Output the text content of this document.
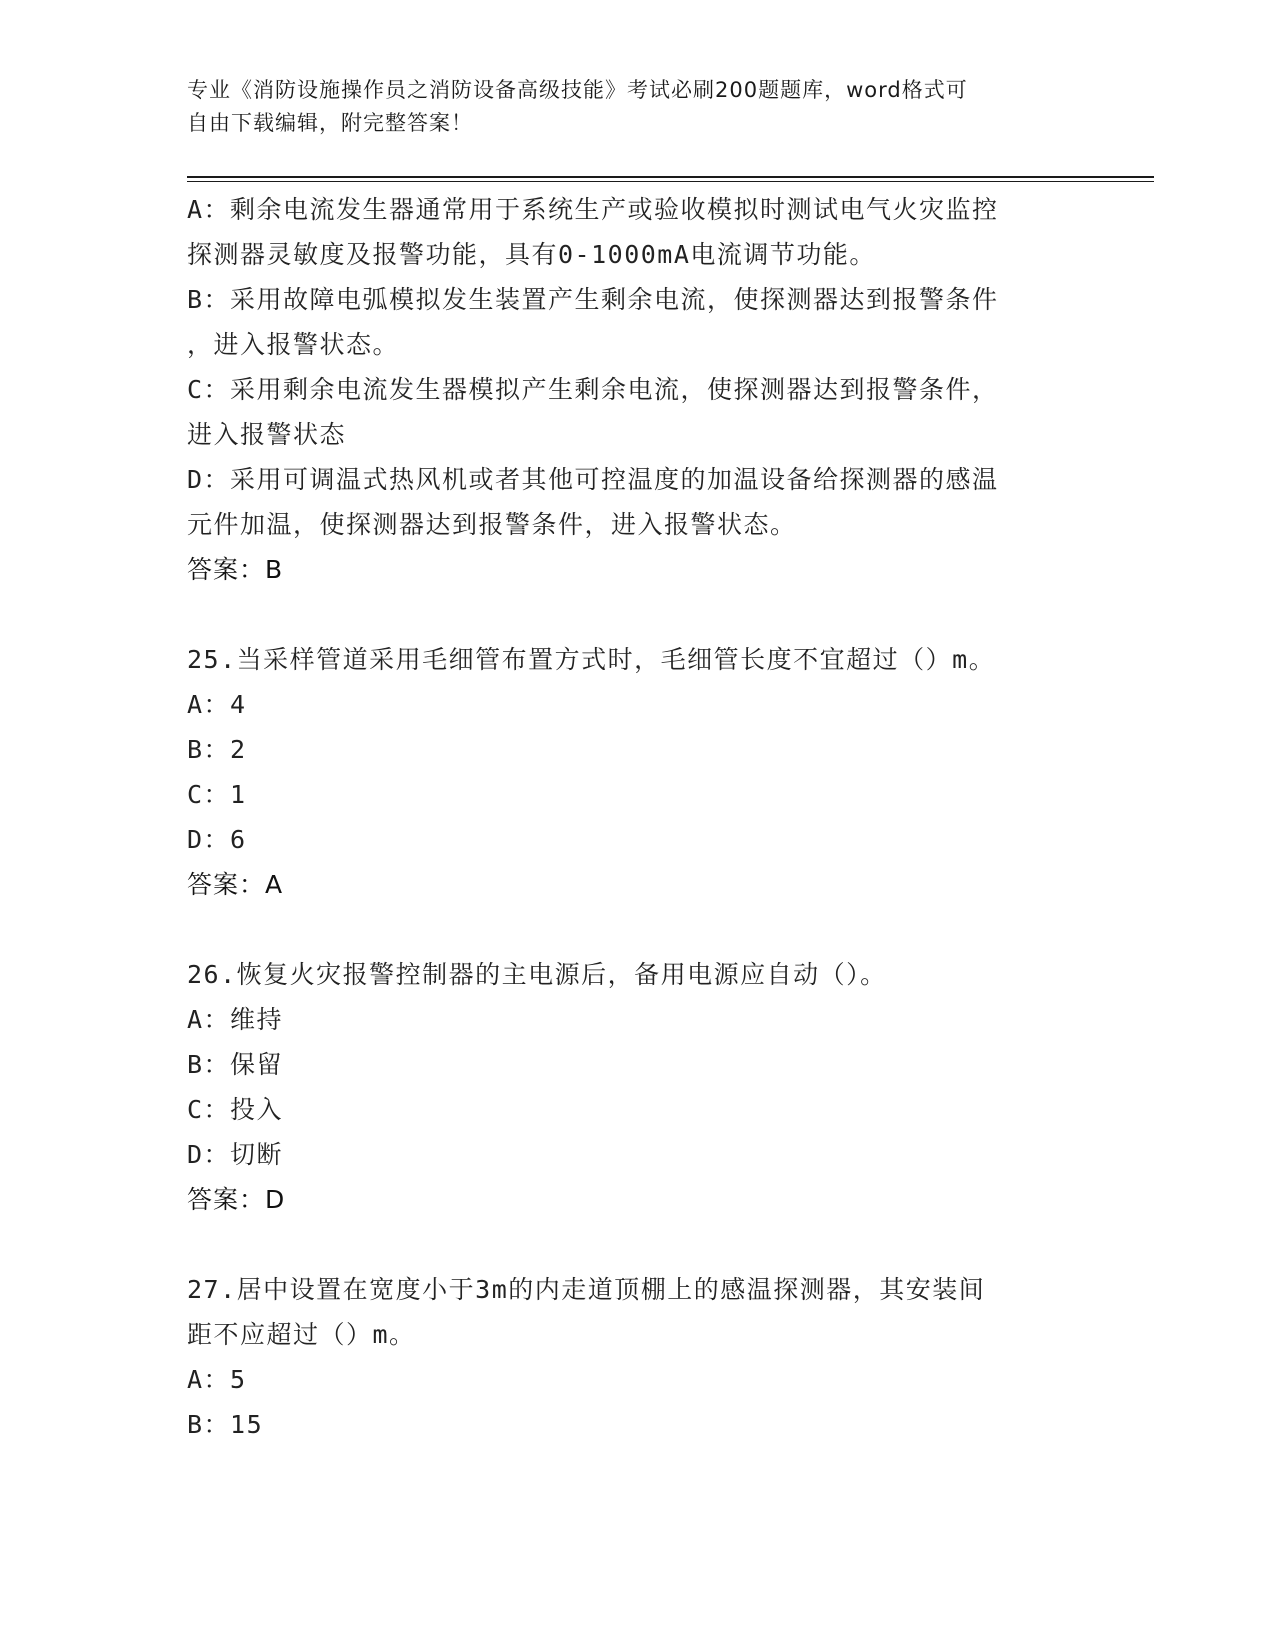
专业《消防设施操作员之消防设备高级技能》考试必刷200题题库，word格式可
自由下载编辑，附完整答案！
A：剩余电流发生器通常用于系统生产或验收模拟时测试电气火灾监控
探测器灵敏度及报警功能，具有0-1000mA电流调节功能。
B：采用故障电弧模拟发生装置产生剩余电流，使探测器达到报警条件
，进入报警状态。
C：采用剩余电流发生器模拟产生剩余电流，使探测器达到报警条件，
进入报警状态
D：采用可调温式热风机或者其他可控温度的加温设备给探测器的感温
元件加温，使探测器达到报警条件，进入报警状态。
答案：B
25.当采样管道采用毛细管布置方式时，毛细管长度不宜超过（）m。
A：4
B：2
C：1
D：6
答案：A
26.恢复火灾报警控制器的主电源后，备用电源应自动（）。
A：维持
B：保留
C：投入
D：切断
答案：D
27.居中设置在宽度小于3m的内走道顶棚上的感温探测器，其安装间
距不应超过（）m。
A：5
B：15
